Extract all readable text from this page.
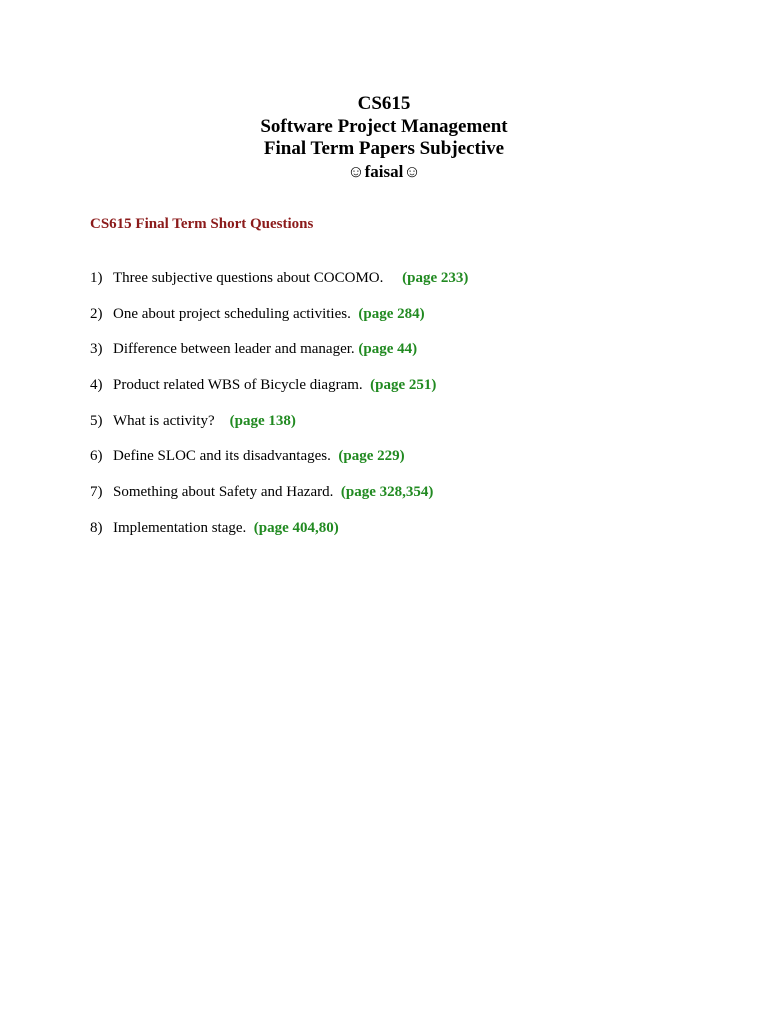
CS615
Software Project Management
Final Term Papers Subjective
☺faisal☺
CS615 Final Term Short Questions
1) Three subjective questions about COCOMO. (page 233)
2) One about project scheduling activities. (page 284)
3) Difference between leader and manager. (page 44)
4) Product related WBS of Bicycle diagram. (page 251)
5) What is activity? (page 138)
6) Define SLOC and its disadvantages. (page 229)
7) Something about Safety and Hazard. (page 328,354)
8) Implementation stage. (page 404,80)
